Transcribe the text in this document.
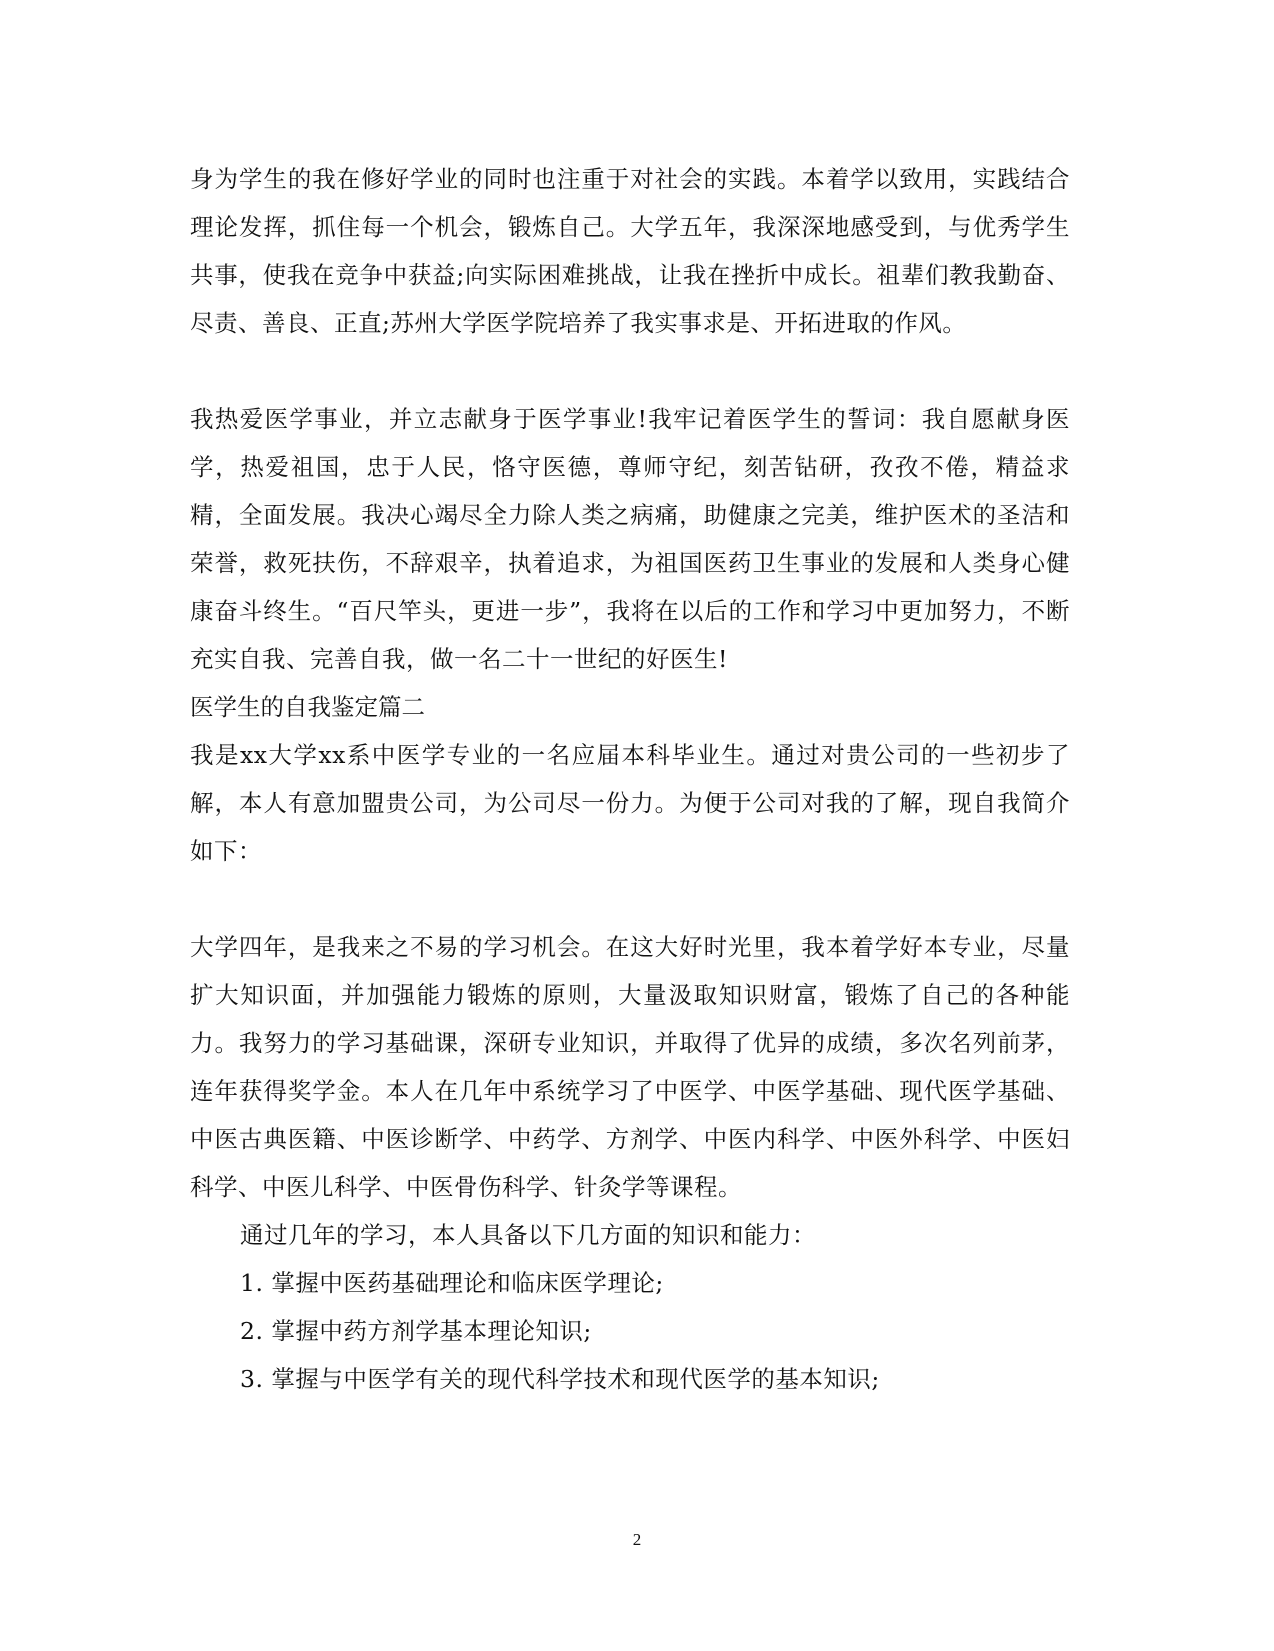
身为学生的我在修好学业的同时也注重于对社会的实践。本着学以致用，实践结合理论发挥，抓住每一个机会，锻炼自己。大学五年，我深深地感受到，与优秀学生共事，使我在竞争中获益;向实际困难挑战，让我在挫折中成长。祖辈们教我勤奋、尽责、善良、正直;苏州大学医学院培养了我实事求是、开拓进取的作风。

我热爱医学事业，并立志献身于医学事业!我牢记着医学生的誓词：我自愿献身医学，热爱祖国，忠于人民，恪守医德，尊师守纪，刻苦钻研，孜孜不倦，精益求精，全面发展。我决心竭尽全力除人类之病痛，助健康之完美，维护医术的圣洁和荣誉，救死扶伤，不辞艰辛，执着追求，为祖国医药卫生事业的发展和人类身心健康奋斗终生。“百尺竿头，更进一步”，我将在以后的工作和学习中更加努力，不断充实自我、完善自我，做一名二十一世纪的好医生!

医学生的自我鉴定篇二

我是xx大学xx系中医学专业的一名应届本科毕业生。通过对贵公司的一些初步了解，本人有意加盟贵公司，为公司尽一份力。为便于公司对我的了解，现自我简介如下：

大学四年，是我来之不易的学习机会。在这大好时光里，我本着学好本专业，尽量扩大知识面，并加强能力锻炼的原则，大量汲取知识财富，锻炼了自己的各种能力。我努力的学习基础课，深研专业知识，并取得了优异的成绩，多次名列前茅，连年获得奖学金。本人在几年中系统学习了中医学、中医学基础、现代医学基础、中医古典医籍、中医诊断学、中药学、方剂学、中医内科学、中医外科学、中医妇科学、中医儿科学、中医骨伤科学、针灸学等课程。

通过几年的学习，本人具备以下几方面的知识和能力：

1. 掌握中医药基础理论和临床医学理论;

2. 掌握中药方剂学基本理论知识;

3. 掌握与中医学有关的现代科学技术和现代医学的基本知识;

2
